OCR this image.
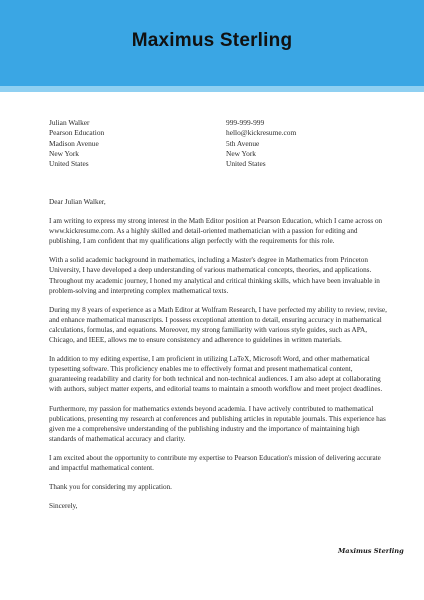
Maximus Sterling
Julian Walker
Pearson Education
Madison Avenue
New York
United States
999-999-999
hello@kickresume.com
5th Avenue
New York
United States

Dear Julian Walker,

I am writing to express my strong interest in the Math Editor position at Pearson Education, which I came across on www.kickresume.com. As a highly skilled and detail-oriented mathematician with a passion for editing and publishing, I am confident that my qualifications align perfectly with the requirements for this role.

With a solid academic background in mathematics, including a Master's degree in Mathematics from Princeton University, I have developed a deep understanding of various mathematical concepts, theories, and applications. Throughout my academic journey, I honed my analytical and critical thinking skills, which have been invaluable in problem-solving and interpreting complex mathematical texts.

During my 8 years of experience as a Math Editor at Wolfram Research, I have perfected my ability to review, revise, and enhance mathematical manuscripts. I possess exceptional attention to detail, ensuring accuracy in mathematical calculations, formulas, and equations. Moreover, my strong familiarity with various style guides, such as APA, Chicago, and IEEE, allows me to ensure consistency and adherence to guidelines in written materials.

In addition to my editing expertise, I am proficient in utilizing LaTeX, Microsoft Word, and other mathematical typesetting software. This proficiency enables me to effectively format and present mathematical content, guaranteeing readability and clarity for both technical and non-technical audiences. I am also adept at collaborating with authors, subject matter experts, and editorial teams to maintain a smooth workflow and meet project deadlines.

Furthermore, my passion for mathematics extends beyond academia. I have actively contributed to mathematical publications, presenting my research at conferences and publishing articles in reputable journals. This experience has given me a comprehensive understanding of the publishing industry and the importance of maintaining high standards of mathematical accuracy and clarity.

I am excited about the opportunity to contribute my expertise to Pearson Education's mission of delivering accurate and impactful mathematical content.

Thank you for considering my application.

Sincerely,

Maximus Sterling
